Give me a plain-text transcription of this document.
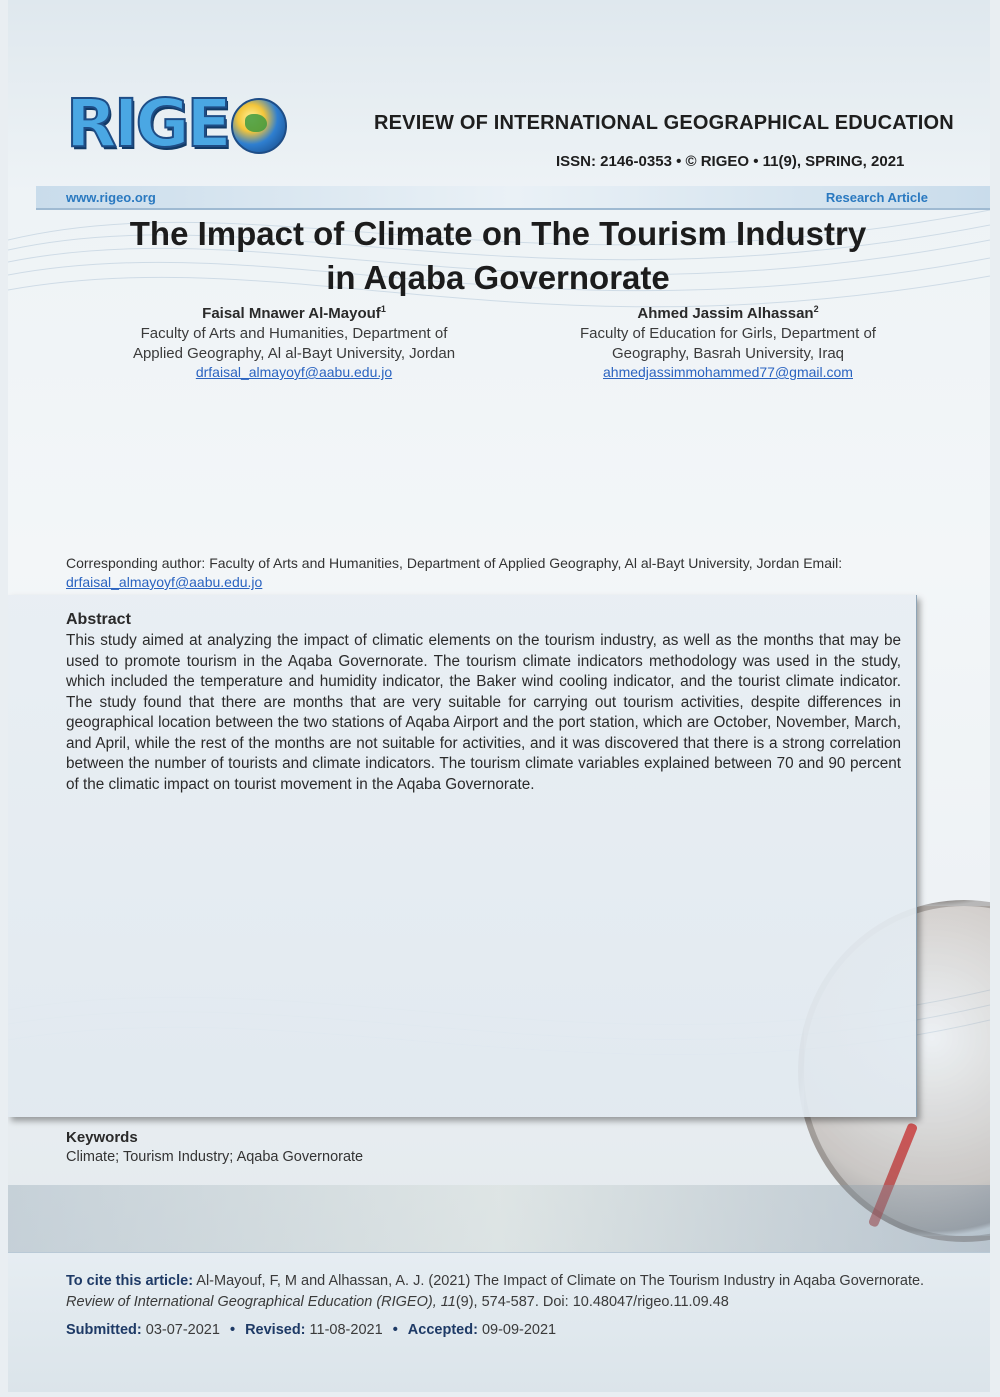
RIGE	REVIEW OF INTERNATIONAL GEOGRAPHICAL EDUCATION
ISSN: 2146-0353 • © RIGEO • 11(9), SPRING, 2021
www.rigeo.org	Research Article
The Impact of Climate on The Tourism Industry
in Aqaba Governorate
Faisal Mnawer Al-Mayouf$^1$
Faculty of Arts and Humanities, Department of
Applied Geography, Al al-Bayt University, Jordan
drfaisal_almayoyf@aabu.edu.jo
Ahmed Jassim Alhassan$^2$
Faculty of Education for Girls, Department of
Geography, Basrah University, Iraq
ahmedjassimmohammed77@gmail.com
Corresponding author: Faculty of Arts and Humanities, Department of Applied Geography, Al al-Bayt University, Jordan Email: drfaisal_almayoyf@aabu.edu.jo
Abstract
This study aimed at analyzing the impact of climatic elements on the tourism industry, as well as the months that may be used to promote tourism in the Aqaba Governorate. The tourism climate indicators methodology was used in the study, which included the temperature and humidity indicator, the Baker wind cooling indicator, and the tourist climate indicator. The study found that there are months that are very suitable for carrying out tourism activities, despite differences in geographical location between the two stations of Aqaba Airport and the port station, which are October, November, March, and April, while the rest of the months are not suitable for activities, and it was discovered that there is a strong correlation between the number of tourists and climate indicators. The tourism climate variables explained between 70 and 90 percent of the climatic impact on tourist movement in the Aqaba Governorate.
Keywords
Climate; Tourism Industry; Aqaba Governorate
To cite this article: Al-Mayouf, F, M and Alhassan, A. J. (2021) The Impact of Climate on The Tourism Industry in Aqaba Governorate. Review of International Geographical Education (RIGEO), 11(9), 574-587. Doi: 10.48047/rigeo.11.09.48
Submitted: 03-07-2021 • Revised: 11-08-2021 • Accepted: 09-09-2021
